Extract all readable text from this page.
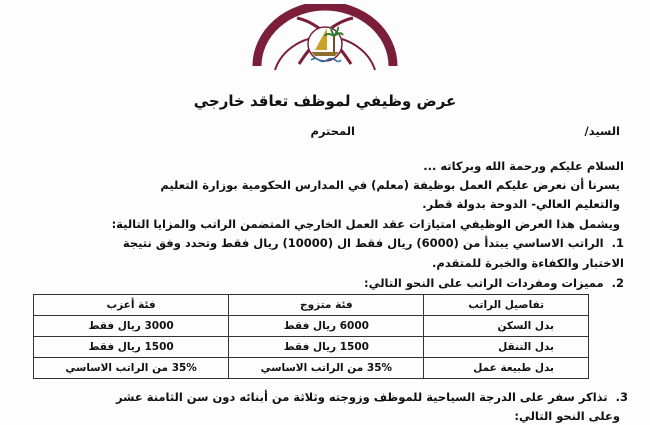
عرض وظيفي لموظف تعاقد خارجي
السيد/
المحترم
السلام عليكم ورحمة الله وبركاته ...
يسرنا أن نعرض عليكم العمل بوظيفة (معلم) في المدارس الحكومية بوزارة التعليم
والتعليم العالي- الدوحة بدولة قطر.
ويشمل هذا العرض الوظيفي امتيازات عقد العمل الخارجي المتضمن الراتب والمزايا التالية:
1.الراتب الاساسي يبتدأ من (6000) ريال فقط ال (10000) ريال فقط وتحدد وفق نتيجة
الاختبار والكفاءة والخبرة للمتقدم.
2.مميزات ومفردات الراتب على النحو التالي:
تفاصيل الراتب	فئة متزوج	فئة أعزب
بدل السكن	6000 ريال فقط	3000 ريال فقط
بدل التنقل	1500 ريال فقط	1500 ريال فقط
بدل طبيعة عمل	35% من الراتب الاساسي	35% من الراتب الاساسي
3.تذاكر سفر على الدرجة السياحية للموظف وزوجته وثلاثة من أبنائه دون سن الثامنة عشر
وعلى النحو التالي:
